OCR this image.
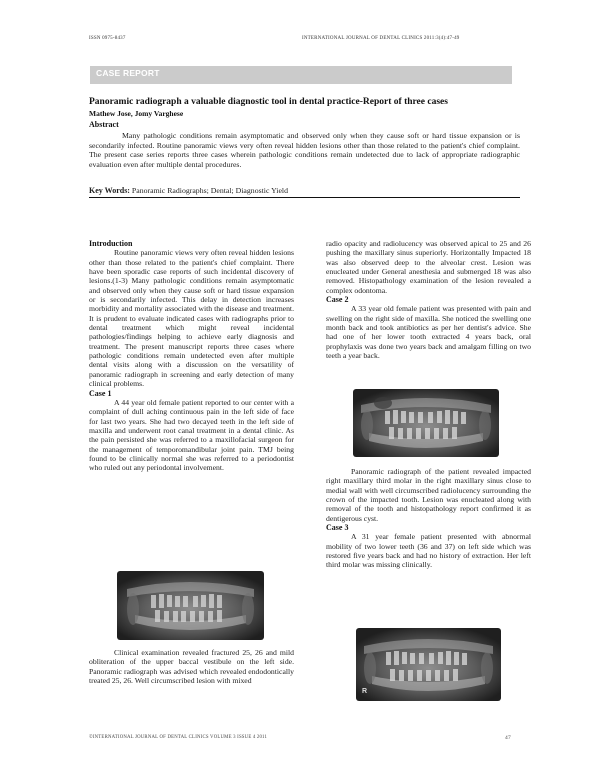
ISSN 0975-8437	INTERNATIONAL JOURNAL OF DENTAL CLINICS 2011:3(4):47-49
CASE REPORT
Panoramic radiograph a valuable diagnostic tool in dental practice-Report of three cases
Mathew Jose, Jomy Varghese
Abstract
Many pathologic conditions remain asymptomatic and observed only when they cause soft or hard tissue expansion or is secondarily infected. Routine panoramic views very often reveal hidden lesions other than those related to the patient's chief complaint. The present case series reports three cases wherein pathologic conditions remain undetected due to lack of appropriate radiographic evaluation even after multiple dental procedures.
Key Words: Panoramic Radiographs; Dental; Diagnostic Yield

Introduction

Routine panoramic views very often reveal hidden lesions other than those related to the patient's chief complaint. There have been sporadic case reports of such incidental discovery of lesions.(1-3) Many pathologic conditions remain asymptomatic and observed only when they cause soft or hard tissue expansion or is secondarily infected. This delay in detection increases morbidity and mortality associated with the disease and treatment. It is prudent to evaluate indicated cases with radiographs prior to dental treatment which might reveal incidental pathologies/findings helping to achieve early diagnosis and treatment. The present manuscript reports three cases where pathologic conditions remain undetected even after multiple dental visits along with a discussion on the versatility of panoramic radiograph in screening and early detection of many clinical problems.

Case 1

A 44 year old female patient reported to our center with a complaint of dull aching continuous pain in the left side of face for last two years. She had two decayed teeth in the left side of maxilla and underwent root canal treatment in a dental clinic. As the pain persisted she was referred to a maxillofacial surgeon for the management of temporomandibular joint pain. TMJ being found to be clinically normal she was referred to a periodontist who ruled out any periodontal involvement.

Clinical examination revealed fractured 25, 26 and mild obliteration of the upper baccal vestibule on the left side. Panoramic radiograph was advised which revealed endodontically treated 25, 26. Well circumscribed lesion with mixed

radio opacity and radiolucency was observed apical to 25 and 26 pushing the maxillary sinus superiorly. Horizontally Impacted 18 was also observed deep to the alveolar crest. Lesion was enucleated under General anesthesia and submerged 18 was also removed. Histopathology examination of the lesion revealed a complex odontoma.

Case 2

A 33 year old female patient was presented with pain and swelling on the right side of maxilla. She noticed the swelling one month back and took antibiotics as per her dentist's advice. She had one of her lower tooth extracted 4 years back, oral prophylaxis was done two years back and amalgam filling on two teeth a year back.

Panoramic radiograph of the patient revealed impacted right maxillary third molar in the right maxillary sinus close to medial wall with well circumscribed radiolucency surrounding the crown of the impacted tooth. Lesion was enucleated along with removal of the tooth and histopathology report confirmed it as dentigerous cyst.

Case 3

A 31 year female patient presented with abnormal mobility of two lower teeth (36 and 37) on left side which was restored five years back and had no history of extraction. Her left third molar was missing clinically.

R
©INTERNATIONAL JOURNAL OF DENTAL CLINICS VOLUME 3 ISSUE 4 2011	47
